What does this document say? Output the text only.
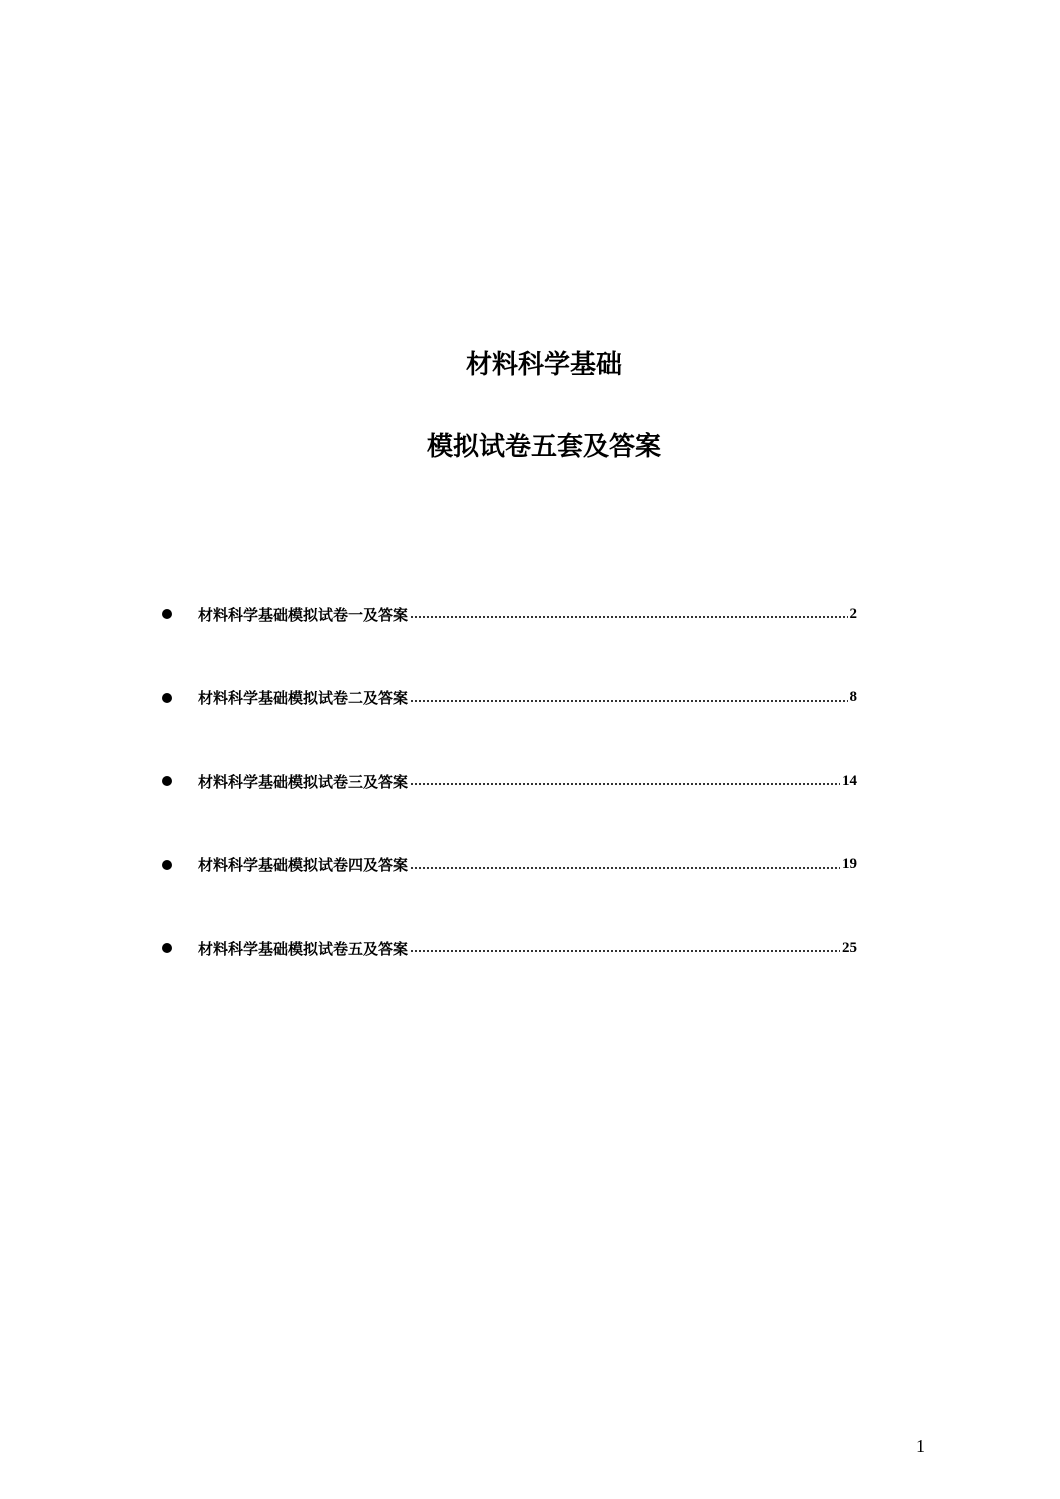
材料科学基础
模拟试卷五套及答案
材料科学基础模拟试卷一及答案	2
材料科学基础模拟试卷二及答案	8
材料科学基础模拟试卷三及答案	14
材料科学基础模拟试卷四及答案	19
材料科学基础模拟试卷五及答案	25
1
